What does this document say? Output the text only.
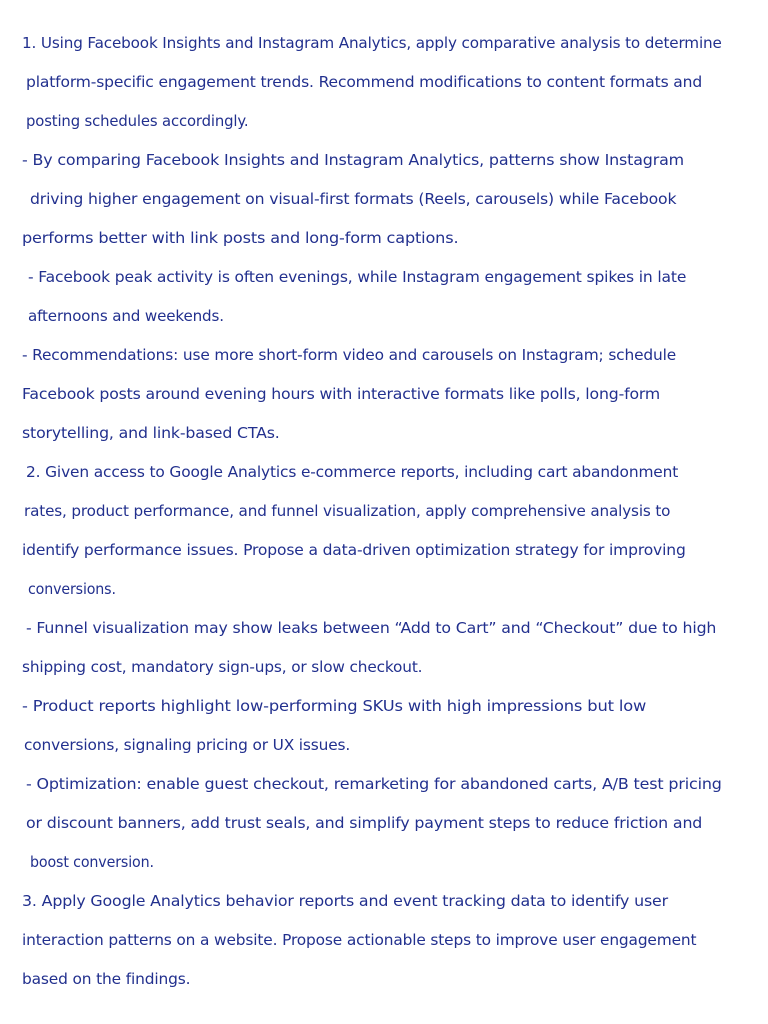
1. Using Facebook Insights and Instagram Analytics, apply comparative analysis to determine
platform-specific engagement trends. Recommend modifications to content formats and
posting schedules accordingly.
- By comparing Facebook Insights and Instagram Analytics, patterns show Instagram
driving higher engagement on visual-first formats (Reels, carousels) while Facebook
performs better with link posts and long-form captions.
- Facebook peak activity is often evenings, while Instagram engagement spikes in late
afternoons and weekends.
- Recommendations: use more short-form video and carousels on Instagram; schedule
Facebook posts around evening hours with interactive formats like polls, long-form
storytelling, and link-based CTAs.
2. Given access to Google Analytics e-commerce reports, including cart abandonment
rates, product performance, and funnel visualization, apply comprehensive analysis to
identify performance issues. Propose a data-driven optimization strategy for improving
conversions.
- Funnel visualization may show leaks between “Add to Cart” and “Checkout” due to high
shipping cost, mandatory sign-ups, or slow checkout.
- Product reports highlight low-performing SKUs with high impressions but low
conversions, signaling pricing or UX issues.
- Optimization: enable guest checkout, remarketing for abandoned carts, A/B test pricing
or discount banners, add trust seals, and simplify payment steps to reduce friction and
boost conversion.
3. Apply Google Analytics behavior reports and event tracking data to identify user
interaction patterns on a website. Propose actionable steps to improve user engagement
based on the findings.
